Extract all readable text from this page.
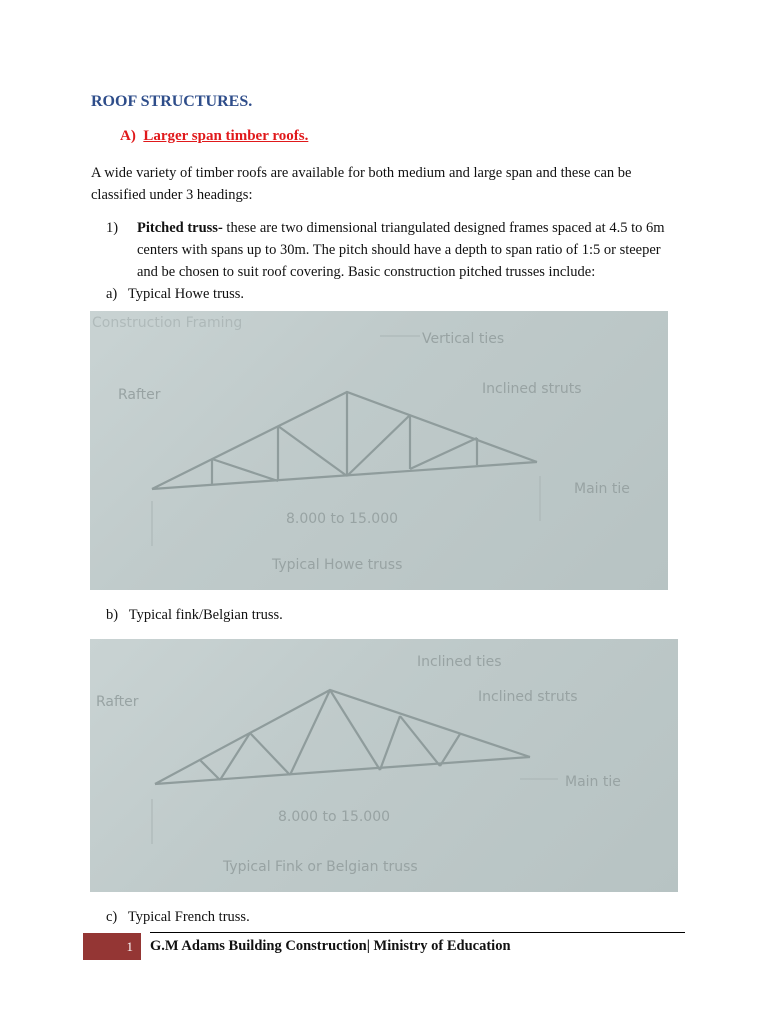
ROOF STRUCTURES.
A) Larger span timber roofs.

A wide variety of timber roofs are available for both medium and large span and these can be classified under 3 headings:

1) Pitched truss- these are two dimensional triangulated designed frames spaced at 4.5 to 6m centers with spans up to 30m. The pitch should have a depth to span ratio of 1:5 or steeper and be chosen to suit roof covering. Basic construction pitched trusses include:
a) Typical Howe truss.
Construction Framing
Vertical ties
Rafter	Inclined struts
Main tie
8.000 to 15.000
Typical Howe truss
b) Typical fink/Belgian truss.
Inclined ties
Rafter	Inclined struts
Main tie
8.000 to 15.000
Typical Fink or Belgian truss
c) Typical French truss.
1	G.M Adams Building Construction| Ministry of Education
